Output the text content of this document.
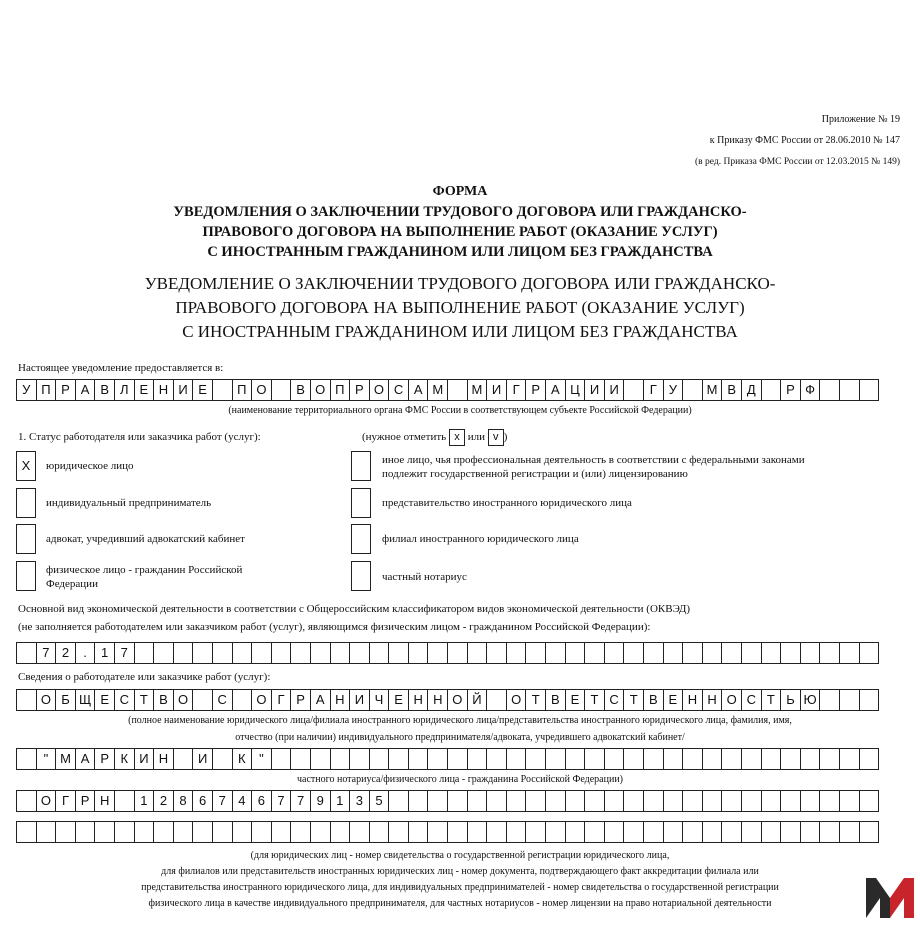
Приложение № 19
к Приказу ФМС России от 28.06.2010 № 147
(в ред. Приказа ФМС России от 12.03.2015 № 149)
ФОРМА
УВЕДОМЛЕНИЯ О ЗАКЛЮЧЕНИИ ТРУДОВОГО ДОГОВОРА ИЛИ ГРАЖДАНСКО-
ПРАВОВОГО ДОГОВОРА НА ВЫПОЛНЕНИЕ РАБОТ (ОКАЗАНИЕ УСЛУГ)
С ИНОСТРАННЫМ ГРАЖДАНИНОМ ИЛИ ЛИЦОМ БЕЗ ГРАЖДАНСТВА
УВЕДОМЛЕНИЕ О ЗАКЛЮЧЕНИИ ТРУДОВОГО ДОГОВОРА ИЛИ ГРАЖДАНСКО-
ПРАВОВОГО ДОГОВОРА НА ВЫПОЛНЕНИЕ РАБОТ (ОКАЗАНИЕ УСЛУГ)
С ИНОСТРАННЫМ ГРАЖДАНИНОМ ИЛИ ЛИЦОМ БЕЗ ГРАЖДАНСТВА
Настоящее уведомление предоставляется в:
У П Р А В Л Е Н И Е	П О	В О П Р О С А М	М И Г Р А Ц И И	Г У	М В Д	Р Ф
(наименование территориального органа ФМС России в соответствующем субъекте Российской Федерации)
1. Статус работодателя или заказчика работ (услуг):	(нужное отметить x или v )
X	юридическое лицо
индивидуальный предприниматель
адвокат, учредивший адвокатский кабинет
физическое лицо - гражданин Российской Федерации
иное лицо, чья профессиональная деятельность в соответствии с федеральными законами подлежит государственной регистрации и (или) лицензированию
представительство иностранного юридического лица
филиал иностранного юридического лица
частный нотариус
Основной вид экономической деятельности в соответствии с Общероссийским классификатором видов экономической деятельности (ОКВЭД)
(не заполняется работодателем или заказчиком работ (услуг), являющимся физическим лицом - гражданином Российской Федерации):
7 2	.	1 7
Сведения о работодателе или заказчике работ (услуг):
О Б Щ Е С Т В О	С	О Г Р А Н И Ч Е Н Н О Й	О Т В Е Т С Т В Е Н Н О С Т Ь Ю
(полное наименование юридического лица/филиала иностранного юридического лица/представительства иностранного юридического лица, фамилия, имя,
отчество (при наличии) индивидуального предпринимателя/адвоката, учредившего адвокатский кабинет/
" М А Р К И Н	И	К	"
частного нотариуса/физического лица - гражданина Российской Федерации)
О Г Р Н	1 2 8 6 7 4 6 7 7 9 1 3 5
(для юридических лиц - номер свидетельства о государственной регистрации юридического лица,
для филиалов или представительств иностранных юридических лиц - номер документа, подтверждающего факт аккредитации филиала или
представительства иностранного юридического лица, для индивидуальных предпринимателей - номер свидетельства о государственной регистрации
физического лица в качестве индивидуального предпринимателя, для частных нотариусов - номер лицензии на право нотариальной деятельности
